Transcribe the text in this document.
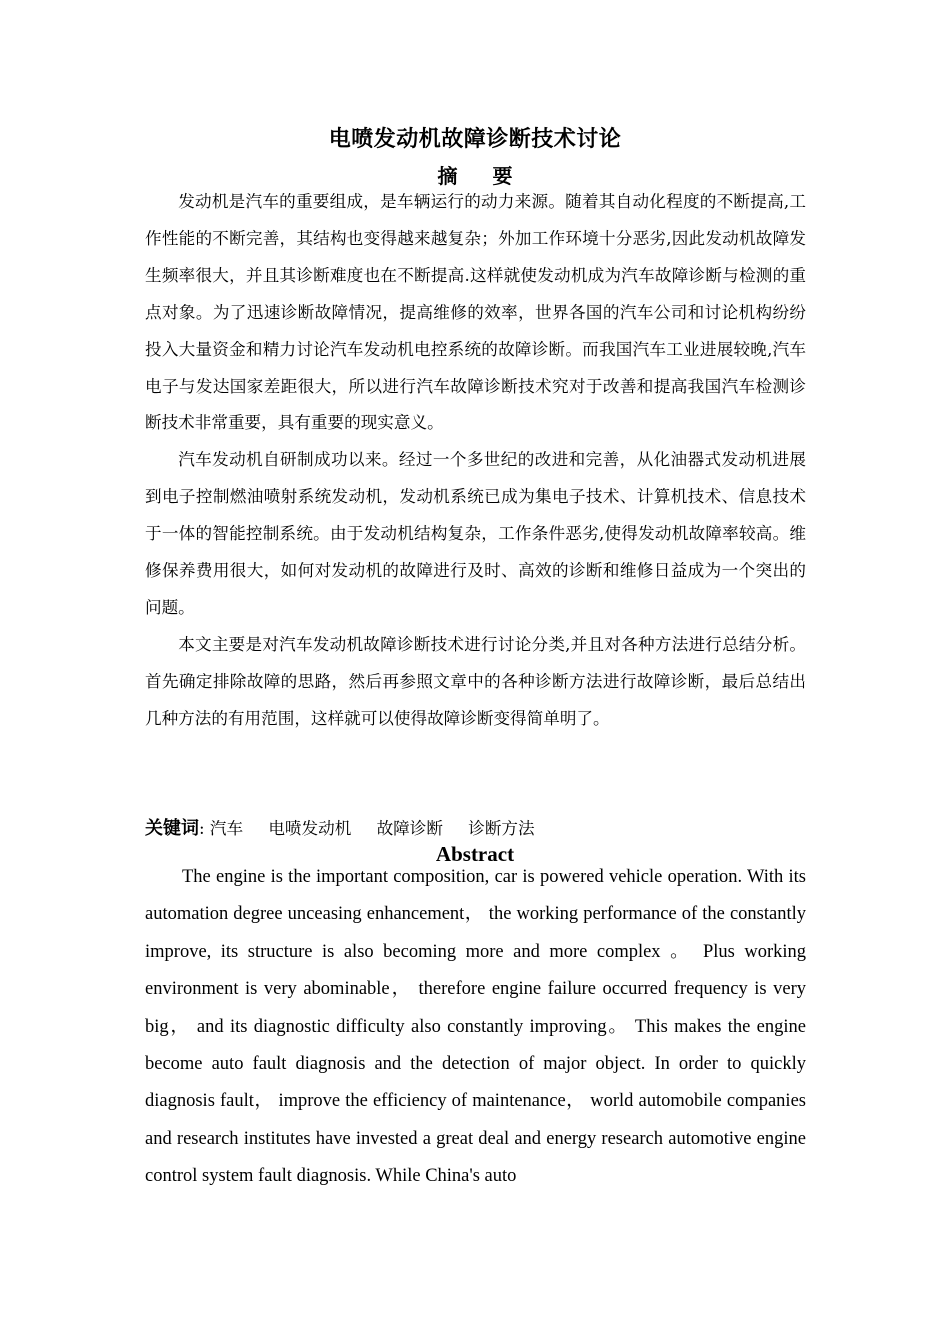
电喷发动机故障诊断技术讨论
摘 要

发动机是汽车的重要组成，是车辆运行的动力来源。随着其自动化程度的不断提高,工作性能的不断完善，其结构也变得越来越复杂；外加工作环境十分恶劣,因此发动机故障发生频率很大，并且其诊断难度也在不断提高.这样就使发动机成为汽车故障诊断与检测的重点对象。为了迅速诊断故障情况，提高维修的效率，世界各国的汽车公司和讨论机构纷纷投入大量资金和精力讨论汽车发动机电控系统的故障诊断。而我国汽车工业进展较晚,汽车电子与发达国家差距很大，所以进行汽车故障诊断技术究对于改善和提高我国汽车检测诊断技术非常重要，具有重要的现实意义。

汽车发动机自研制成功以来。经过一个多世纪的改进和完善，从化油器式发动机进展到电子控制燃油喷射系统发动机，发动机系统已成为集电子技术、计算机技术、信息技术于一体的智能控制系统。由于发动机结构复杂，工作条件恶劣,使得发动机故障率较高。维修保养费用很大，如何对发动机的故障进行及时、高效的诊断和维修日益成为一个突出的问题。

本文主要是对汽车发动机故障诊断技术进行讨论分类,并且对各种方法进行总结分析。首先确定排除故障的思路，然后再参照文章中的各种诊断方法进行故障诊断，最后总结出几种方法的有用范围，这样就可以使得故障诊断变得简单明了。

关键词: 汽车 电喷发动机 故障诊断 诊断方法
Abstract

The engine is the important composition, car is powered vehicle operation. With its automation degree unceasing enhancement， the working performance of the constantly improve, its structure is also becoming more and more complex 。 Plus working environment is very abominable， therefore engine failure occurred frequency is very big， and its diagnostic difficulty also constantly improving。 This makes the engine become auto fault diagnosis and the detection of major object. In order to quickly diagnosis fault， improve the efficiency of maintenance， world automobile companies and research institutes have invested a great deal and energy research automotive engine control system fault diagnosis. While China's auto
